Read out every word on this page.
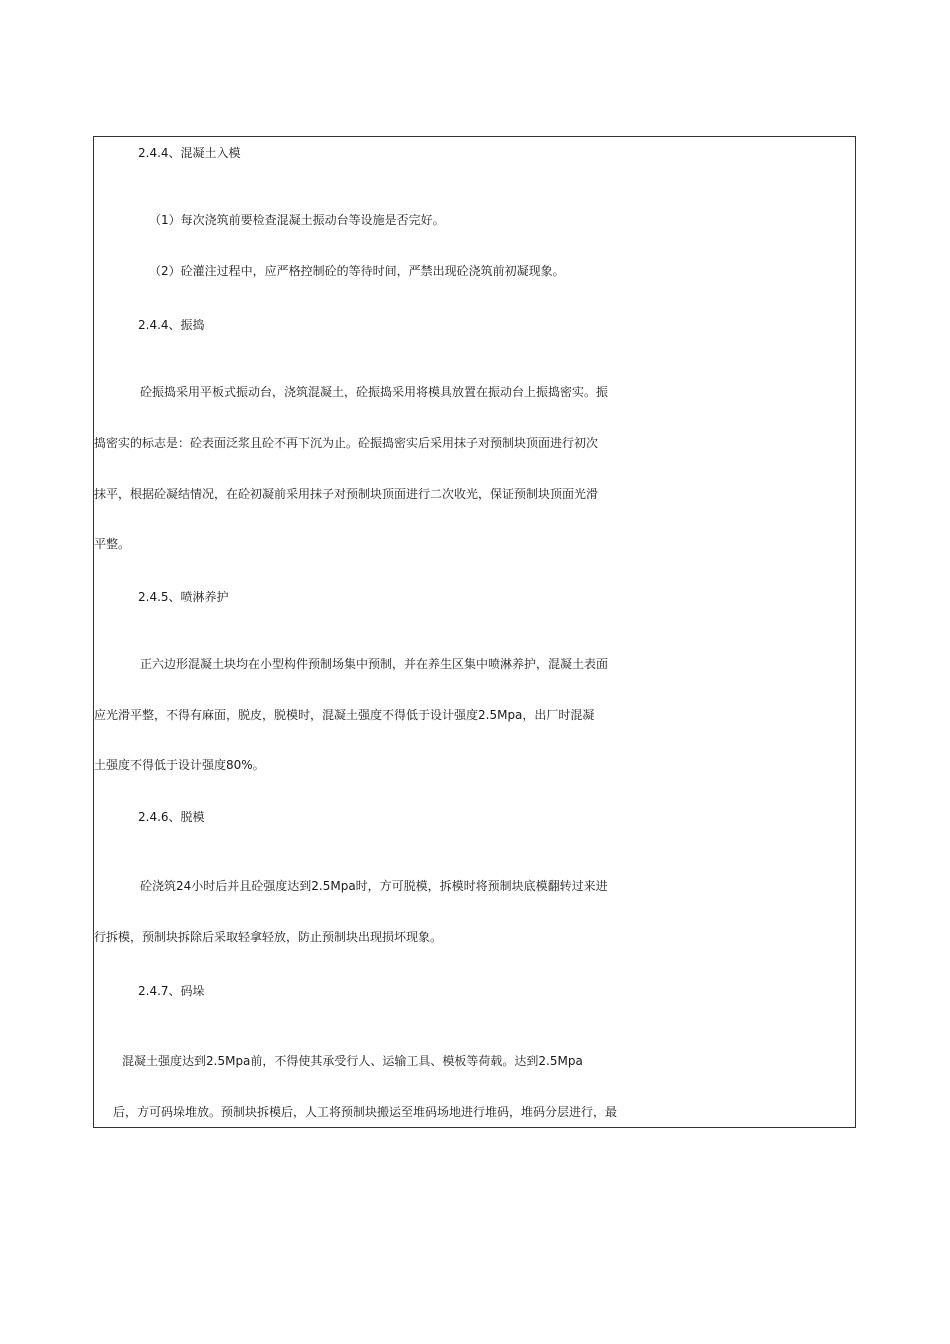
2.4.4、混凝土入模
（1）每次浇筑前要检查混凝土振动台等设施是否完好。
（2）砼灌注过程中，应严格控制砼的等待时间，严禁出现砼浇筑前初凝现象。
2.4.4、振捣
砼振捣采用平板式振动台，浇筑混凝土，砼振捣采用将模具放置在振动台上振捣密实。振
捣密实的标志是：砼表面泛浆且砼不再下沉为止。砼振捣密实后采用抹子对预制块顶面进行初次
抹平，根据砼凝结情况，在砼初凝前采用抹子对预制块顶面进行二次收光，保证预制块顶面光滑
平整。
2.4.5、喷淋养护
正六边形混凝土块均在小型构件预制场集中预制，并在养生区集中喷淋养护，混凝土表面
应光滑平整，不得有麻面，脱皮，脱模时，混凝土强度不得低于设计强度2.5Mpa，出厂时混凝
土强度不得低于设计强度80%。
2.4.6、脱模
砼浇筑24小时后并且砼强度达到2.5Mpa时，方可脱模，拆模时将预制块底模翻转过来进
行拆模，预制块拆除后采取轻拿轻放，防止预制块出现损坏现象。
2.4.7、码垛
混凝土强度达到2.5Mpa前，不得使其承受行人、运输工具、模板等荷载。达到2.5Mpa
后，方可码垛堆放。预制块拆模后，人工将预制块搬运至堆码场地进行堆码，堆码分层进行，最
